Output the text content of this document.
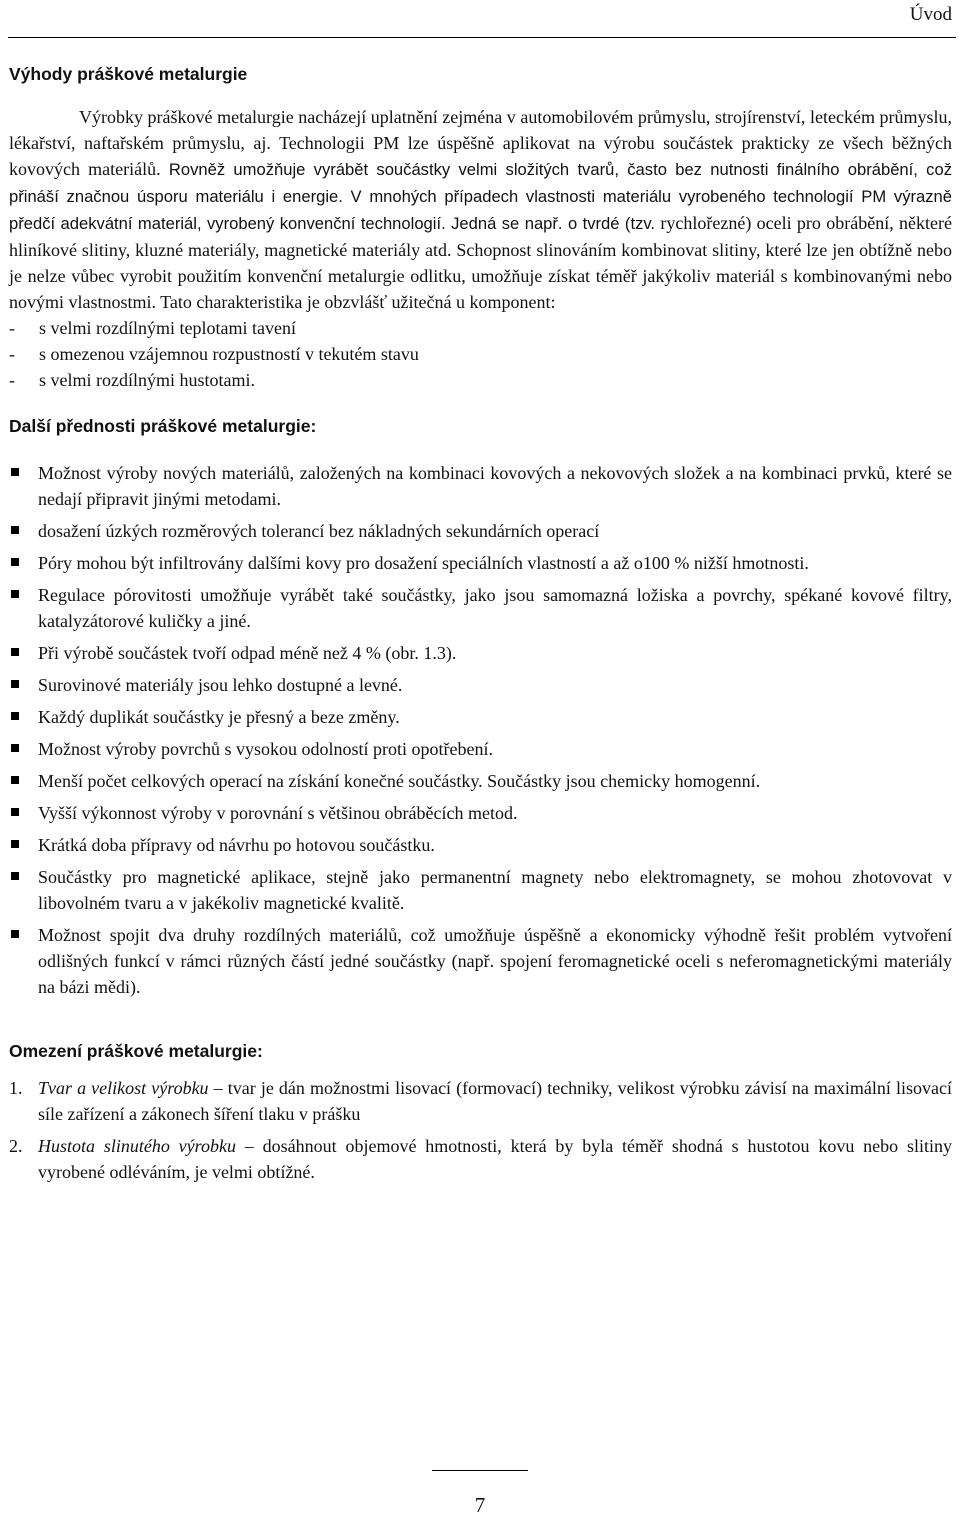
Úvod
Výhody práškové metalurgie

Výrobky práškové metalurgie nacházejí uplatnění zejména v automobilovém průmyslu, strojírenství, leteckém průmyslu, lékařství, naftařském průmyslu, aj. Technologii PM lze úspěšně aplikovat na výrobu součástek prakticky ze všech běžných kovových materiálů. Rovněž umožňuje vyrábět součástky velmi složitých tvarů, často bez nutnosti finálního obrábění, což přináší značnou úsporu materiálu i energie. V mnohých případech vlastnosti materiálu vyrobeného technologií PM výrazně předčí adekvátní materiál, vyrobený konvenční technologií. Jedná se např. o tvrdé (tzv. rychlořezné) oceli pro obrábění, některé hliníkové slitiny, kluzné materiály, magnetické materiály atd. Schopnost slinováním kombinovat slitiny, které lze jen obtížně nebo je nelze vůbec vyrobit použitím konvenční metalurgie odlitku, umožňuje získat téměř jakýkoliv materiál s kombinovanými nebo novými vlastnostmi. Tato charakteristika je obzvlášť užitečná u komponent:

- s velmi rozdílnými teplotami tavení
- s omezenou vzájemnou rozpustností v tekutém stavu
- s velmi rozdílnými hustotami.
Další přednosti práškové metalurgie:
Možnost výroby nových materiálů, založených na kombinaci kovových a nekovových složek a na kombinaci prvků, které se nedají připravit jinými metodami.
dosažení úzkých rozměrových tolerancí bez nákladných sekundárních operací
Póry mohou být infiltrovány dalšími kovy pro dosažení speciálních vlastností a až o100 % nižší hmotnosti.
Regulace pórovitosti umožňuje vyrábět také součástky, jako jsou samomazná ložiska a povrchy, spékané kovové filtry, katalyzátorové kuličky a jiné.
Při výrobě součástek tvoří odpad méně než 4 % (obr. 1.3).
Surovinové materiály jsou lehko dostupné a levné.
Každý duplikát součástky je přesný a beze změny.
Možnost výroby povrchů s vysokou odolností proti opotřebení.
Menší počet celkových operací na získání konečné součástky. Součástky jsou chemicky homogenní.
Vyšší výkonnost výroby v porovnání s většinou obráběcích metod.
Krátká doba přípravy od návrhu po hotovou součástku.
Součástky pro magnetické aplikace, stejně jako permanentní magnety nebo elektromagnety, se mohou zhotovovat v libovolném tvaru a v jakékoliv magnetické kvalitě.
Možnost spojit dva druhy rozdílných materiálů, což umožňuje úspěšně a ekonomicky výhodně řešit problém vytvoření odlišných funkcí v rámci různých částí jedné součástky (např. spojení feromagnetické oceli s neferomagnetickými materiály na bázi mědi).
Omezení práškové metalurgie:
1. Tvar a velikost výrobku – tvar je dán možnostmi lisovací (formovací) techniky, velikost výrobku závisí na maximální lisovací síle zařízení a zákonech šíření tlaku v prášku
2. Hustota slinutého výrobku – dosáhnout objemové hmotnosti, která by byla téměř shodná s hustotou kovu nebo slitiny vyrobené odléváním, je velmi obtížné.
7
